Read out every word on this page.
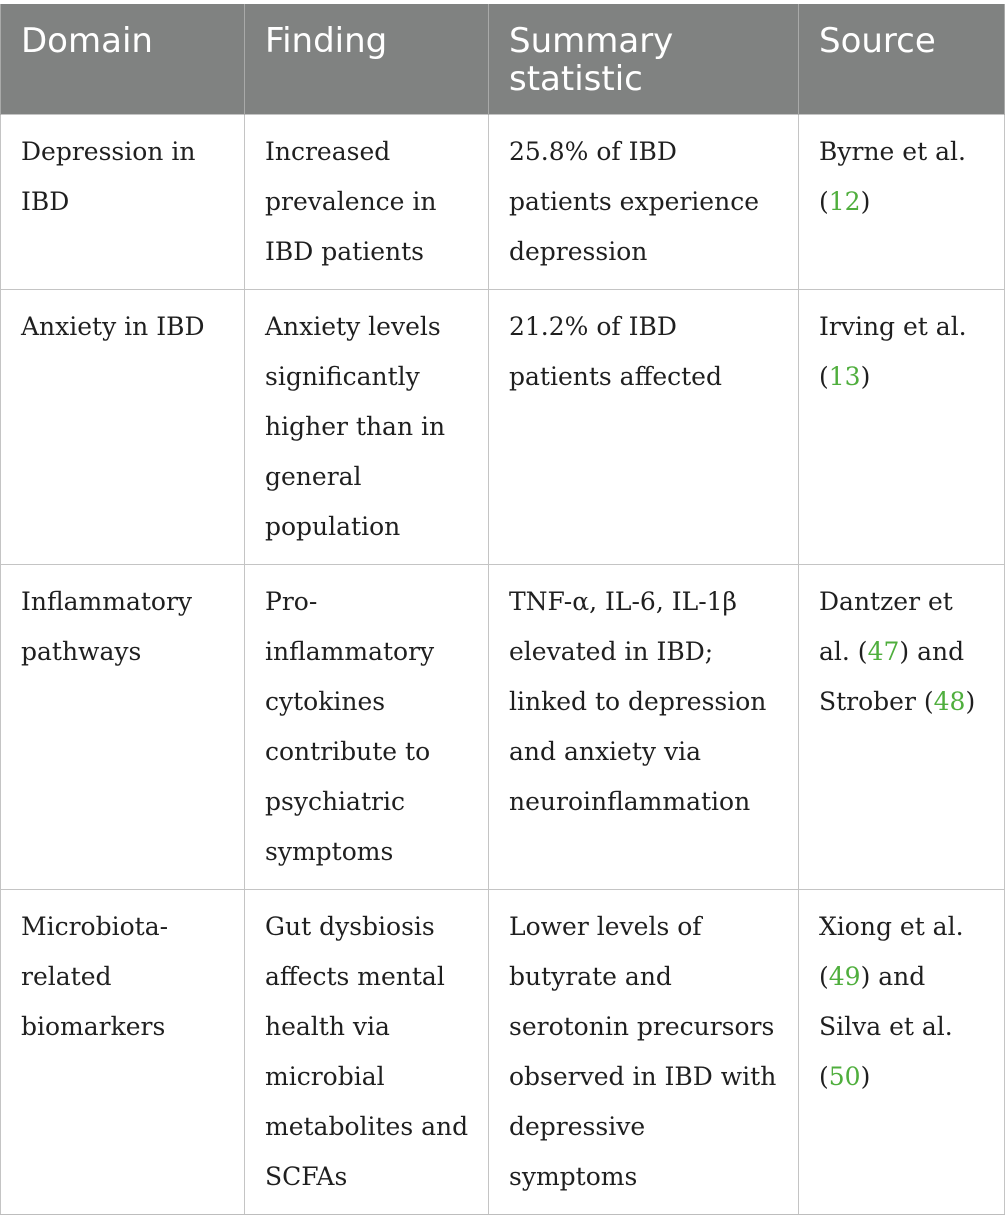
Domain	Finding	Summary statistic	Source
Depression in IBD	Increased prevalence in IBD patients	25.8% of IBD patients experience depression	Byrne et al. (12)
Anxiety in IBD	Anxiety levels significantly higher than in general population	21.2% of IBD patients affected	Irving et al. (13)
Inflammatory pathways	Pro-inflammatory cytokines contribute to psychiatric symptoms	TNF-α, IL-6, IL-1β elevated in IBD; linked to depression and anxiety via neuroinflammation	Dantzer et al. (47) and Strober (48)
Microbiota-related biomarkers	Gut dysbiosis affects mental health via microbial metabolites and SCFAs	Lower levels of butyrate and serotonin precursors observed in IBD with depressive symptoms	Xiong et al. (49) and Silva et al. (50)
